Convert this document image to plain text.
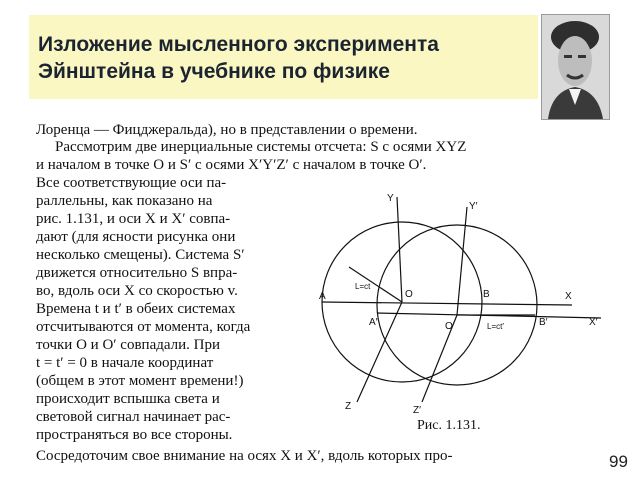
Изложение мысленного эксперимента
Эйнштейна в учебнике по физике
Лоренца — Фицджеральда), но в представлении о времени.
Рассмотрим две инерциальные системы отсчета: S с осями XYZ
и началом в точке O и S′ с осями X′Y′Z′ с началом в точке O′.
Все соответствующие оси па-
раллельны, как показано на
рис. 1.131, и оси X и X′ совпа-
дают (для ясности рисунка они
несколько смещены). Система S′
движется относительно S впра-
во, вдоль оси X со скоростью v.
Времена t и t′ в обеих системах
отсчитываются от момента, когда
точки O и O′ совпадали. При
t = t′ = 0 в начале координат
(общем в этот момент времени!)
происходит вспышка света и
световой сигнал начинает рас-
пространяться во все стороны.
Сосредоточим свое внимание на осях X и X′, вдоль которых про-
Y
Y′
Z	Z′
X
X′
A
A′
O
O′
B
B′
L=ct
L=ct′
Рис. 1.131.
99
